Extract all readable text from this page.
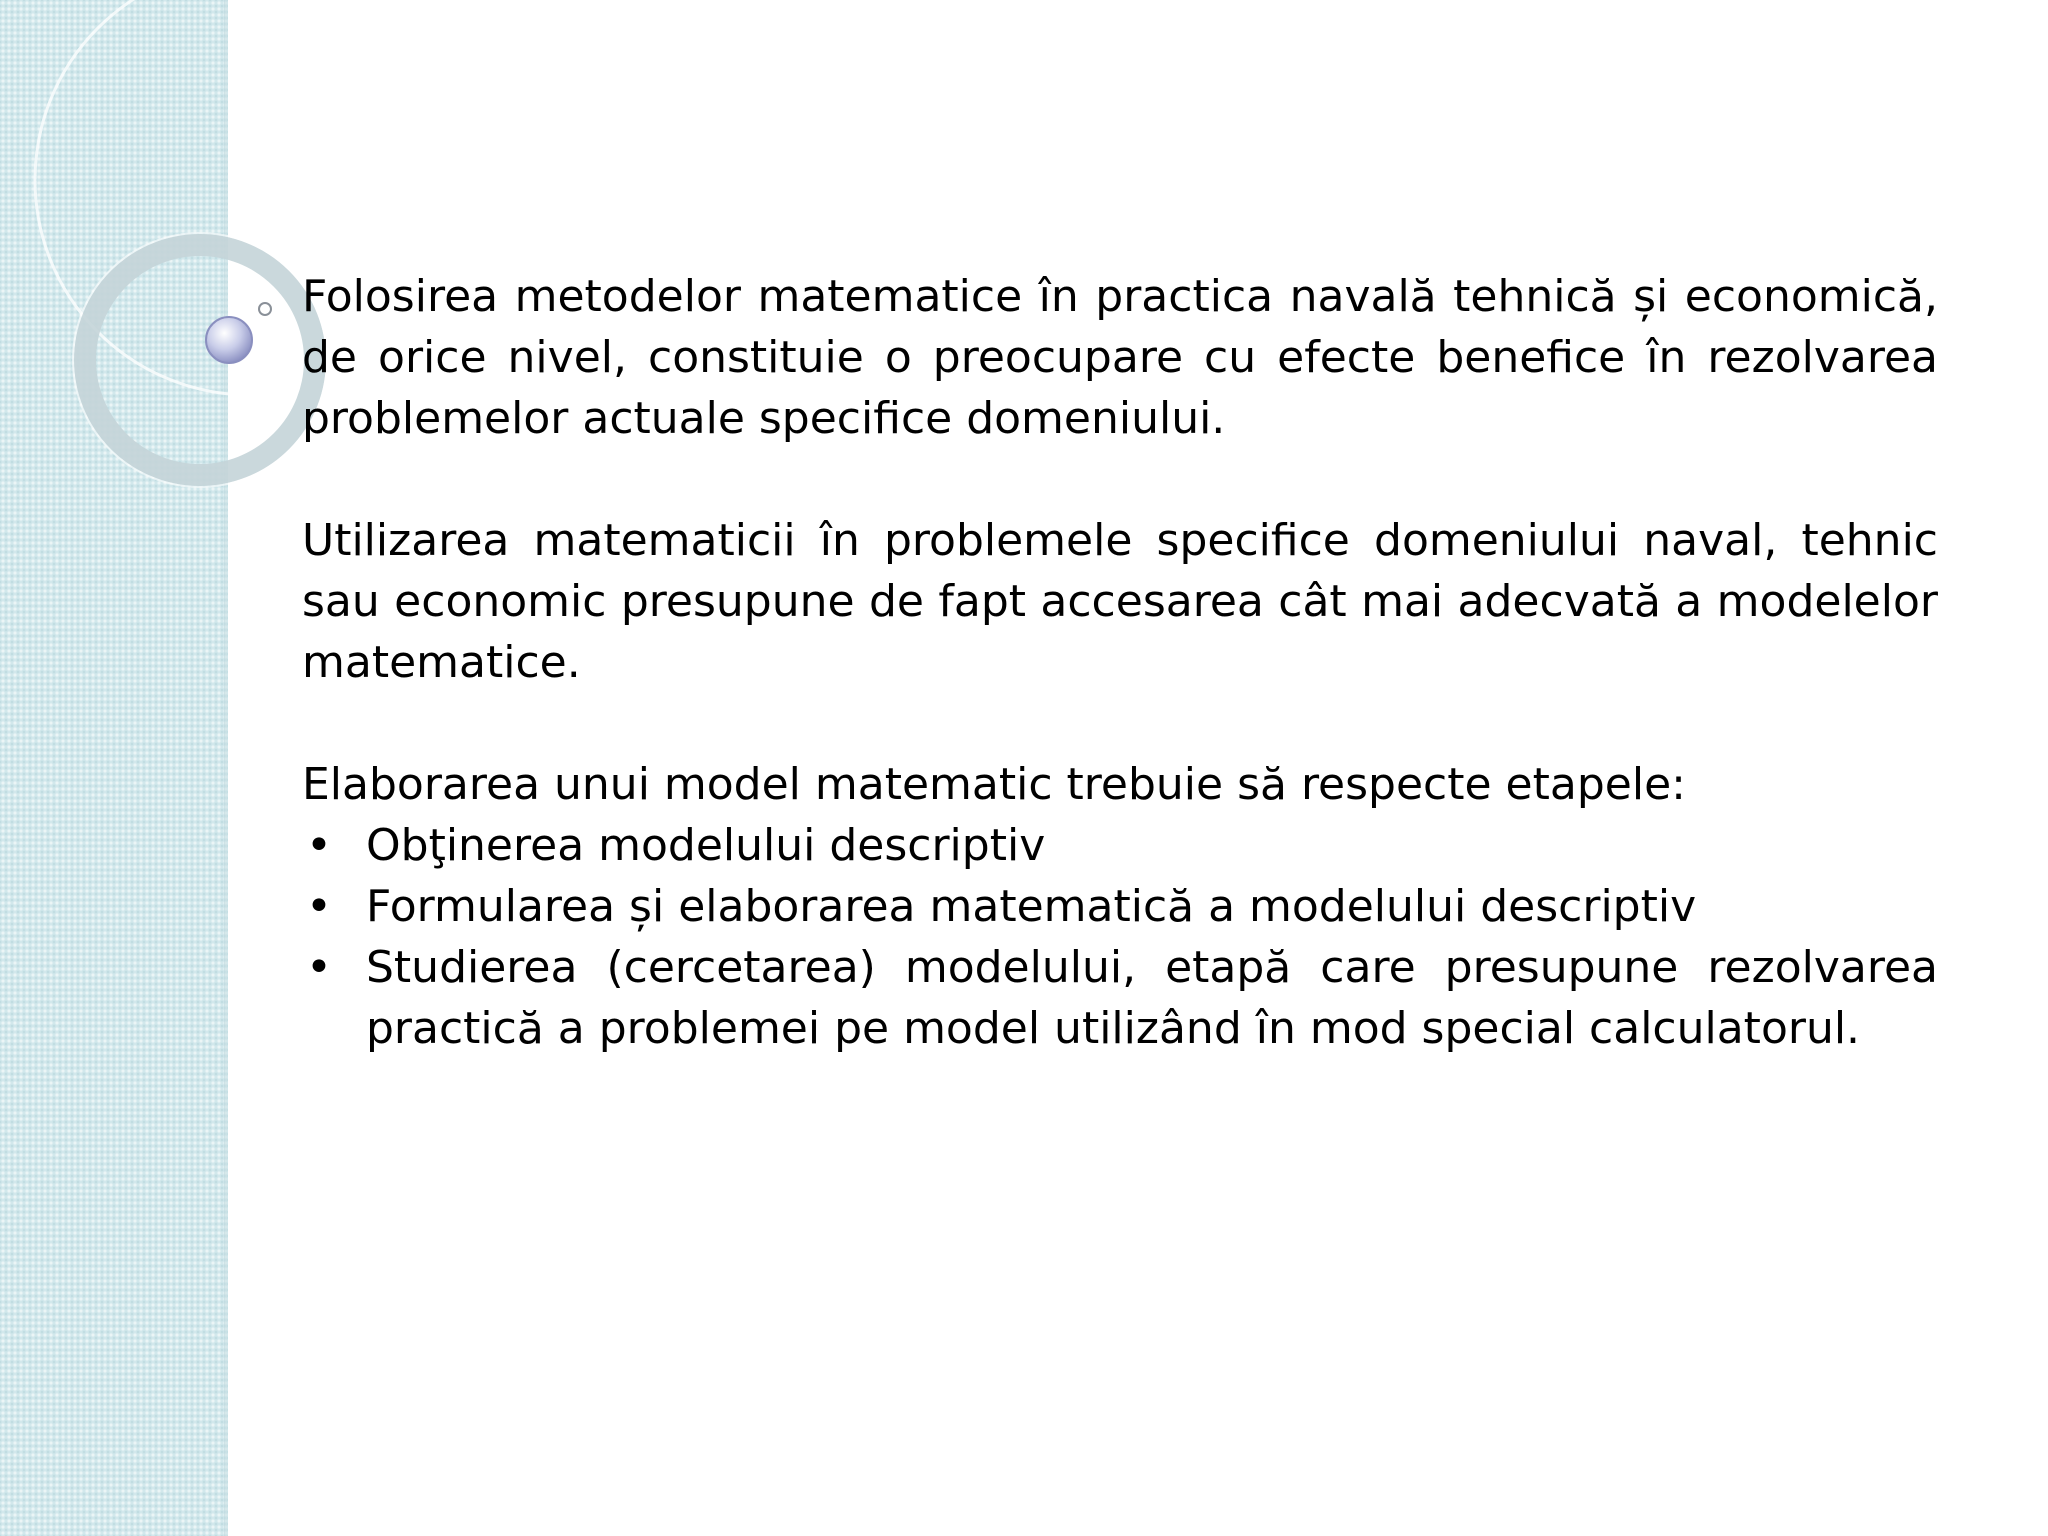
Folosirea metodelor matematice în practica navală tehnică și economică, de orice nivel, constituie o preocupare cu efecte benefice în rezolvarea problemelor actuale specifice domeniului.

Utilizarea matematicii în problemele specifice domeniului naval, tehnic sau economic presupune de fapt accesarea cât mai adecvată a modelelor matematice.

Elaborarea unui model matematic trebuie să respecte etapele:

• Obţinerea modelului descriptiv
• Formularea și elaborarea matematică a modelului descriptiv
• Studierea (cercetarea) modelului, etapă care presupune rezolvarea practică a problemei pe model utilizând în mod special calculatorul.
